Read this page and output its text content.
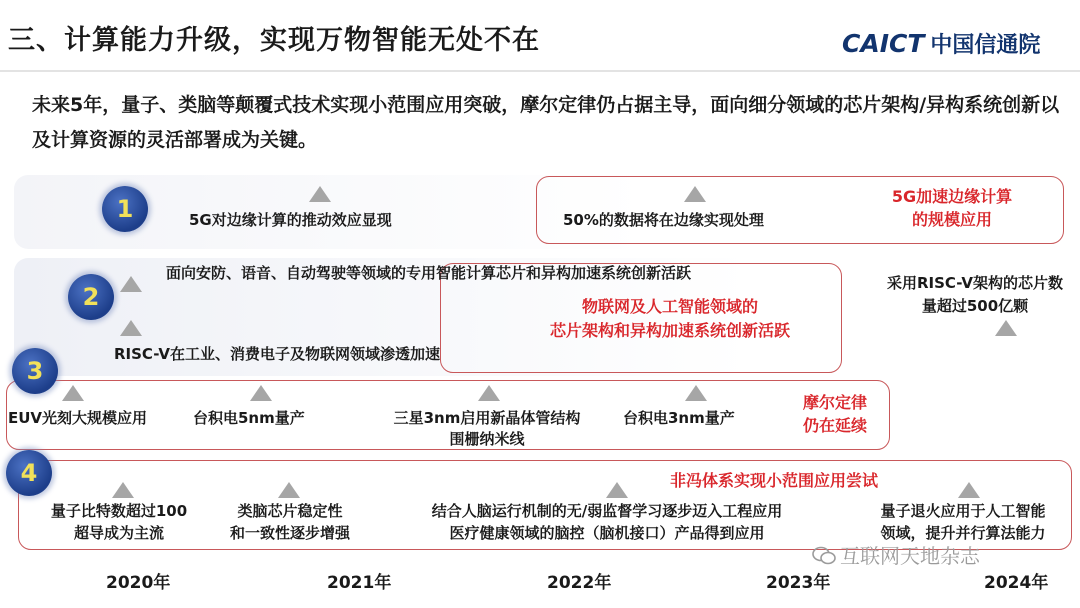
三、计算能力升级，实现万物智能无处不在	CAICT 中国信通院
未来5年，量子、类脑等颠覆式技术实现小范围应用突破，摩尔定律仍占据主导，面向细分领域的芯片架构/异构系统创新以及计算资源的灵活部署成为关键。
1	5G对边缘计算的推动效应显现	50%的数据将在边缘实现处理
5G加速边缘计算
的规模应用
2
面向安防、语音、自动驾驶等领域的专用智能计算芯片和异构加速系统创新活跃
RISC-V在工业、消费电子及物联网领域渗透加速
物联网及人工智能领域的
芯片架构和异构加速系统创新活跃
采用RISC-V架构的芯片数
量超过500亿颗
3
EUV光刻大规模应用	台积电5nm量产	三星3nm启用新晶体管结构
围栅纳米线
台积电3nm量产
摩尔定律
仍在延续
4	非冯体系实现小范围应用尝试
量子比特数超过100
超导成为主流
类脑芯片稳定性
和一致性逐步增强
结合人脑运行机制的无/弱监督学习逐步迈入工程应用
医疗健康领域的脑控（脑机接口）产品得到应用
量子退火应用于人工智能
领域，提升并行算法能力
互联网天地杂志
2020年	2021年	2022年	2023年	2024年
